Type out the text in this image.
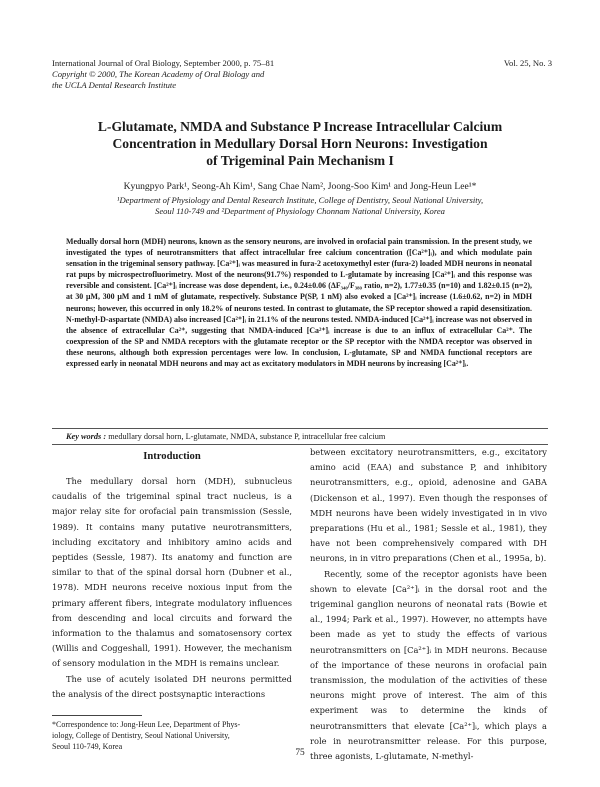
International Journal of Oral Biology, September 2000, p. 75–81
Copyright © 2000, The Korean Academy of Oral Biology and
the UCLA Dental Research Institute
Vol. 25, No. 3
L-Glutamate, NMDA and Substance P Increase Intracellular Calcium
Concentration in Medullary Dorsal Horn Neurons: Investigation
of Trigeminal Pain Mechanism I
Kyungpyo Park¹, Seong-Ah Kim¹, Sang Chae Nam², Joong-Soo Kim¹ and Jong-Heun Lee¹*
¹Department of Physiology and Dental Research Institute, College of Dentistry, Seoul National University,
Seoul 110-749 and ²Department of Physiology Chonnam National University, Korea
Medually dorsal horn (MDH) neurons, known as the sensory neurons, are involved in orofacial pain transmission. In the present study, we investigated the types of neurotransmitters that affect intracellular free calcium concentration ([Ca²⁺]ᵢ), and which modulate pain sensation in the trigeminal sensory pathway. [Ca²⁺]ᵢ was measured in fura-2 acetoxymethyl ester (fura-2) loaded MDH neurons in neonatal rat pups by microspectrofluorimetry. Most of the neurons(91.7%) responded to L-glutamate by increasing [Ca²⁺]ᵢ and this response was reversible and consistent. [Ca²⁺]ᵢ increase was dose dependent, i.e., 0.24±0.06 (ΔF₃₄₀/F₃₈₀ ratio, n=2), 1.77±0.35 (n=10) and 1.82±0.15 (n=2), at 30 μM, 300 μM and 1 mM of glutamate, respectively. Substance P(SP, 1 nM) also evoked a [Ca²⁺]ᵢ increase (1.6±0.62, n=2) in MDH neurons; however, this occurred in only 18.2% of neurons tested. In contrast to glutamate, the SP receptor showed a rapid desensitization. N-methyl-D-aspartate (NMDA) also increased [Ca²⁺]ᵢ in 21.1% of the neurons tested. NMDA-induced [Ca²⁺]ᵢ increase was not observed in the absence of extracellular Ca²⁺, suggesting that NMDA-induced [Ca²⁺]ᵢ increase is due to an influx of extracellular Ca²⁺. The coexpression of the SP and NMDA receptors with the glutamate receptor or the SP receptor with the NMDA receptor was observed in these neurons, although both expression percentages were low. In conclusion, L-glutamate, SP and NMDA functional receptors are expressed early in neonatal MDH neurons and may act as excitatory modulators in MDH neurons by increasing [Ca²⁺]ᵢ.
Key words : medullary dorsal horn, L-glutamate, NMDA, substance P, intracellular free calcium
Introduction

The medullary dorsal horn (MDH), subnucleus caudalis of the trigeminal spinal tract nucleus, is a major relay site for orofacial pain transmission (Sessle, 1989). It contains many putative neurotransmitters, including excitatory and inhibitory amino acids and peptides (Sessle, 1987). Its anatomy and function are similar to that of the spinal dorsal horn (Dubner et al., 1978). MDH neurons receive noxious input from the primary afferent fibers, integrate modulatory influences from descending and local circuits and forward the information to the thalamus and somatosensory cortex (Willis and Coggeshall, 1991). However, the mechanism of sensory modulation in the MDH is remains unclear.

The use of acutely isolated DH neurons permitted the analysis of the direct postsynaptic interactions

between excitatory neurotransmitters, e.g., excitatory amino acid (EAA) and substance P, and inhibitory neurotransmitters, e.g., opioid, adenosine and GABA (Dickenson et al., 1997). Even though the responses of MDH neurons have been widely investigated in in vivo preparations (Hu et al., 1981; Sessle et al., 1981), they have not been comprehensively compared with DH neurons, in in vitro preparations (Chen et al., 1995a, b).

Recently, some of the receptor agonists have been shown to elevate [Ca²⁺]ᵢ in the dorsal root and the trigeminal ganglion neurons of neonatal rats (Bowie et al., 1994; Park et al., 1997). However, no attempts have been made as yet to study the effects of various neurotransmitters on [Ca²⁺]ᵢ in MDH neurons. Because of the importance of these neurons in orofacial pain transmission, the modulation of the activities of these neurons might prove of interest. The aim of this experiment was to determine the kinds of neurotransmitters that elevate [Ca²⁺]ᵢ, which plays a role in neurotransmitter release. For this purpose, three agonists, L-glutamate, N-methyl-

*Correspondence to: Jong-Heun Lee, Department of Phys-
iology, College of Dentistry, Seoul National University,
Seoul 110-749, Korea
75
